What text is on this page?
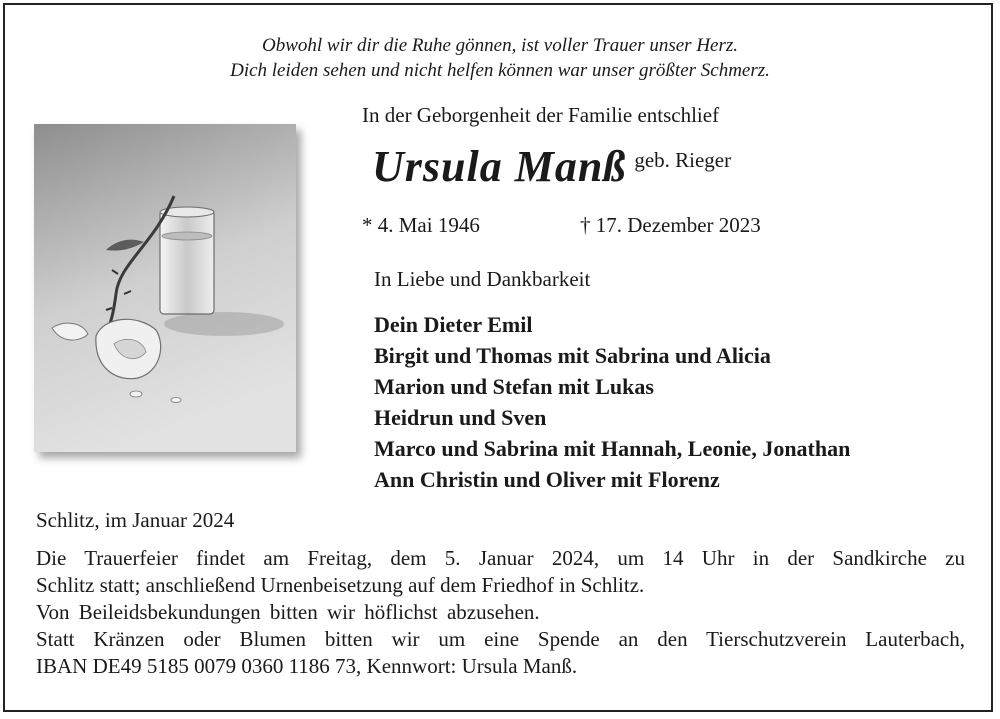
Obwohl wir dir die Ruhe gönnen, ist voller Trauer unser Herz.
Dich leiden sehen und nicht helfen können war unser größter Schmerz.
In der Geborgenheit der Familie entschlief
Ursula Manß geb. Rieger
* 4. Mai 1946	† 17. Dezember 2023
In Liebe und Dankbarkeit
Dein Dieter Emil
Birgit und Thomas mit Sabrina und Alicia
Marion und Stefan mit Lukas
Heidrun und Sven
Marco und Sabrina mit Hannah, Leonie, Jonathan
Ann Christin und Oliver mit Florenz
Schlitz, im Januar 2024
Die Trauerfeier findet am Freitag, dem 5. Januar 2024, um 14 Uhr in der Sandkirche zu
Schlitz statt; anschließend Urnenbeisetzung auf dem Friedhof in Schlitz.
Von Beileidsbekundungen bitten wir höflichst abzusehen.
Statt Kränzen oder Blumen bitten wir um eine Spende an den Tierschutzverein Lauterbach,
IBAN DE49 5185 0079 0360 1186 73, Kennwort: Ursula Manß.
